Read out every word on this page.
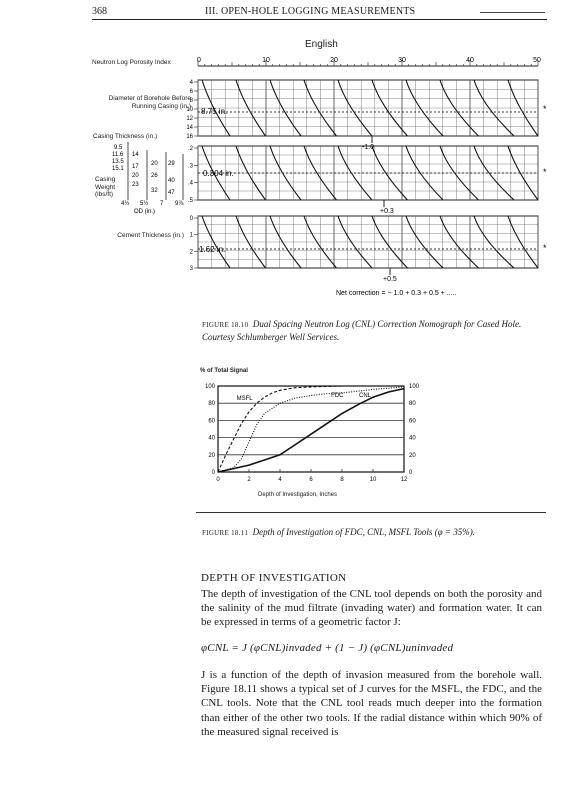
368	III. OPEN-HOLE LOGGING MEASUREMENTS
English
Neutron Log Porosity Index	0	10	20	30	40	50
8.75 in.	*
-1.0
4
6
8
10
12
14
16
0.304 in.	*
+0.3
.2
.3
.4
.5
1.62 in.	*
+0.5
0
1
2
3
9.5
11.6
13.5
15.1
14
17
20
23
20
26
32
29
40
47
4½ 5½ 7 9⅞
OD (in.)
Net correction = − 1.0 + 0.3 + 0.5 + .....
Diameter of Borehole Before Running Casing (in.)
Casing Thickness (in.)
Casing Weight (lbs/ft)
Cement Thickness (in.)
FIGURE 18.10 Dual Spacing Neutron Log (CNL) Correction Nomograph for Cased Hole. Courtesy Schlumberger Well Services.
% of Total Signal
0	2	4	6	8	10	12
0
20
40
60
80
100
0
20
40
60
80
100
MSFL	FDC	CNL
Depth of Investigation, Inches
FIGURE 18.11 Depth of Investigation of FDC, CNL, MSFL Tools (φ = 35%).
DEPTH OF INVESTIGATION
The depth of investigation of the CNL tool depends on both the porosity and the salinity of the mud filtrate (invading water) and formation water. It can be expressed in terms of a geometric factor J:
φCNL = J (φCNL)invaded + (1 − J) (φCNL)uninvaded
J is a function of the depth of invasion measured from the borehole wall. Figure 18.11 shows a typical set of J curves for the MSFL, the FDC, and the CNL tools. Note that the CNL tool reads much deeper into the formation than either of the other two tools. If the radial distance within which 90% of the measured signal received is
